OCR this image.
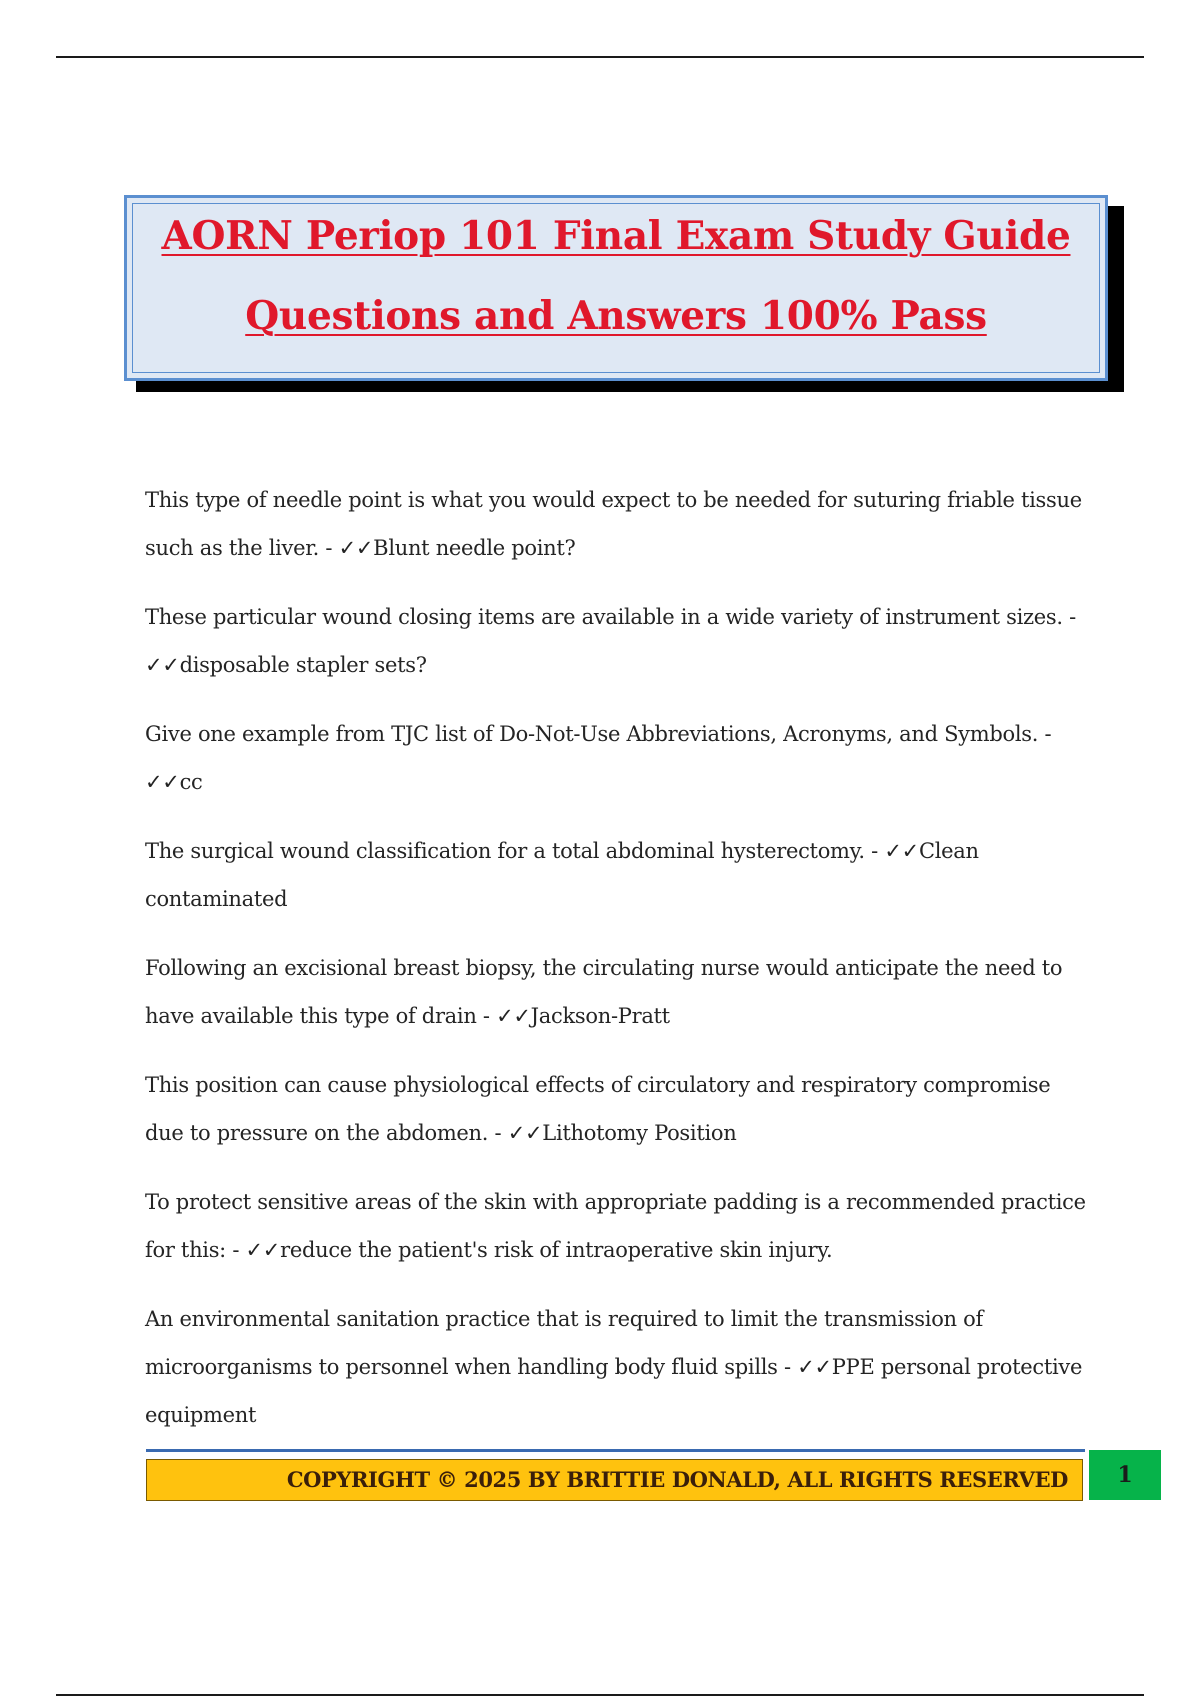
AORN Periop 101 Final Exam Study Guide
Questions and Answers 100% Pass

This type of needle point is what you would expect to be needed for suturing friable tissue such as the liver. - ✓✓Blunt needle point?

These particular wound closing items are available in a wide variety of instrument sizes. - ✓✓disposable stapler sets?

Give one example from TJC list of Do-Not-Use Abbreviations, Acronyms, and Symbols. - ✓✓cc

The surgical wound classification for a total abdominal hysterectomy. - ✓✓Clean contaminated

Following an excisional breast biopsy, the circulating nurse would anticipate the need to have available this type of drain - ✓✓Jackson-Pratt

This position can cause physiological effects of circulatory and respiratory compromise due to pressure on the abdomen. - ✓✓Lithotomy Position

To protect sensitive areas of the skin with appropriate padding is a recommended practice for this: - ✓✓reduce the patient's risk of intraoperative skin injury.

An environmental sanitation practice that is required to limit the transmission of microorganisms to personnel when handling body fluid spills - ✓✓PPE personal protective equipment

COPYRIGHT © 2025 BY BRITTIE DONALD, ALL RIGHTS RESERVED	1
